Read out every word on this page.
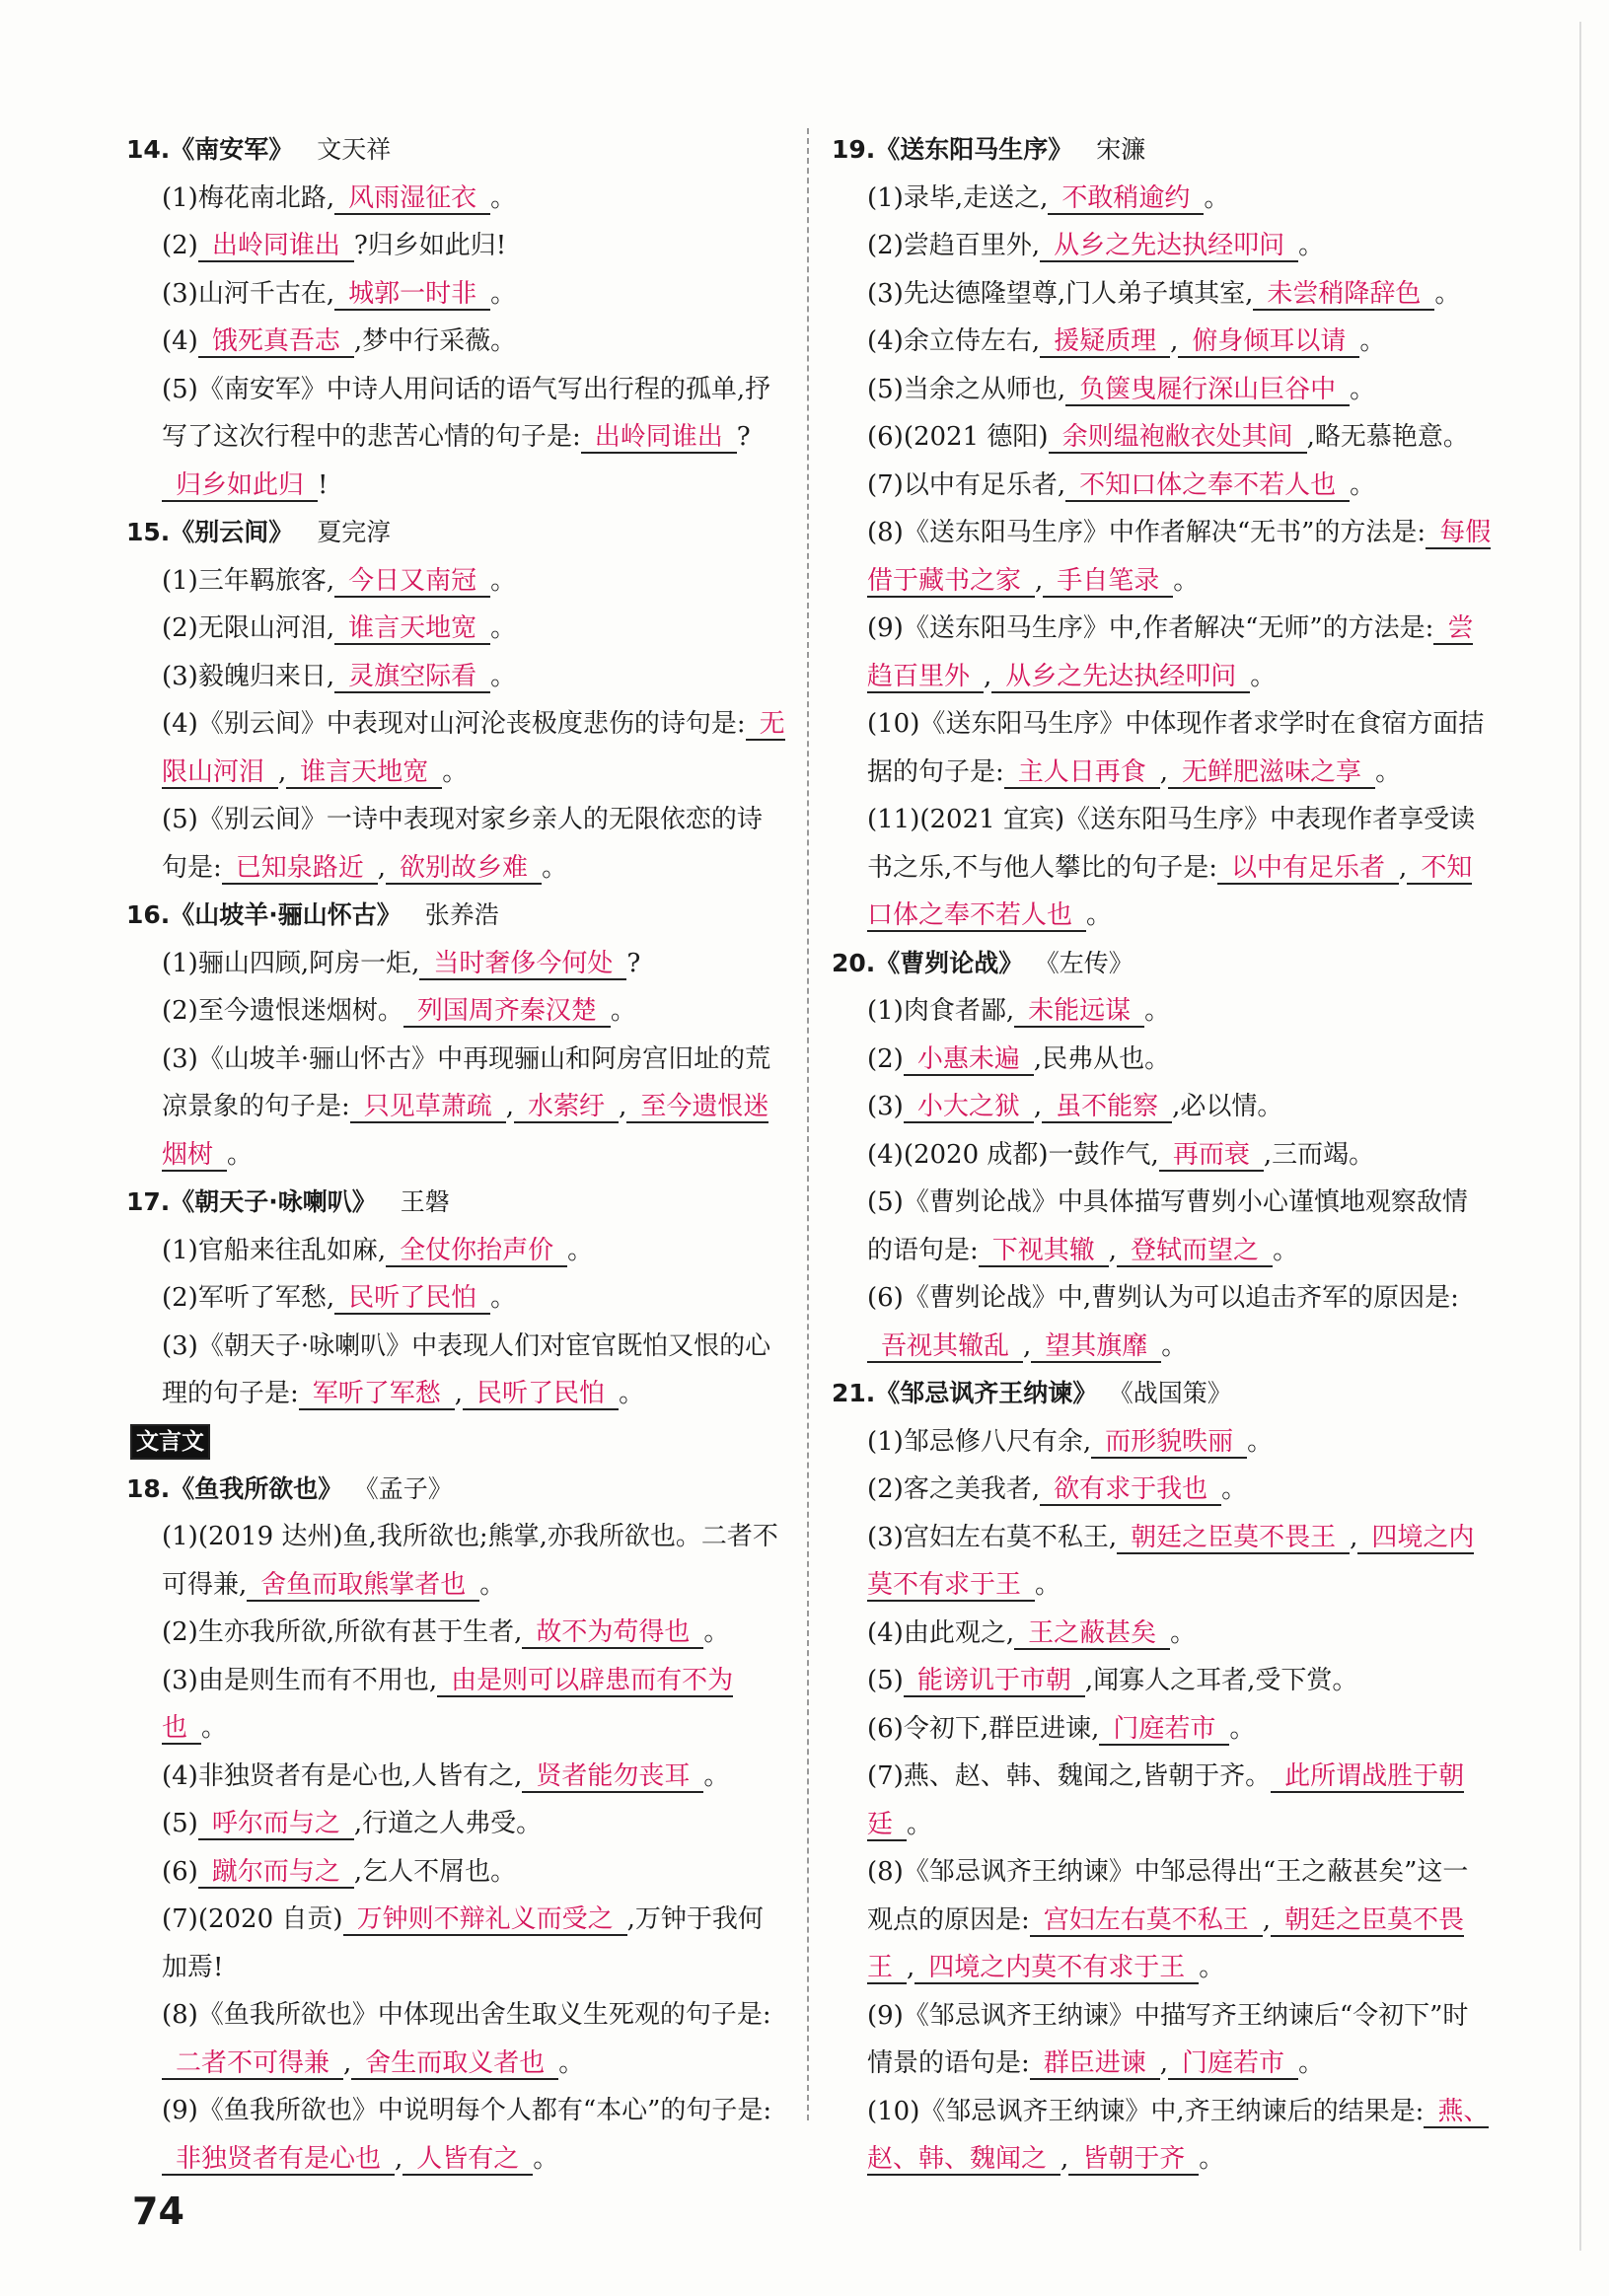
14.《南安军》 文天祥
(1)梅花南北路, 风雨湿征衣 。
(2) 出岭同谁出 ?归乡如此归!
(3)山河千古在, 城郭一时非 。
(4) 饿死真吾志 ,梦中行采薇。
(5)《南安军》中诗人用问话的语气写出行程的孤单,抒写了这次行程中的悲苦心情的句子是: 出岭同谁出 ?归乡如此归 !
15.《别云间》 夏完淳
(1)三年羁旅客, 今日又南冠 。
(2)无限山河泪, 谁言天地宽 。
(3)毅魄归来日, 灵旗空际看 。
(4)《别云间》中表现对山河沦丧极度悲伤的诗句是: 无限山河泪 , 谁言天地宽 。
(5)《别云间》一诗中表现对家乡亲人的无限依恋的诗句是: 已知泉路近 , 欲别故乡难 。
16.《山坡羊·骊山怀古》 张养浩
(1)骊山四顾,阿房一炬, 当时奢侈今何处 ?
(2)至今遗恨迷烟树。 列国周齐秦汉楚 。
(3)《山坡羊·骊山怀古》中再现骊山和阿房宫旧址的荒凉景象的句子是: 只见草萧疏 , 水萦纡 , 至今遗恨迷烟树 。
17.《朝天子·咏喇叭》 王磐
(1)官船来往乱如麻, 全仗你抬声价 。
(2)军听了军愁, 民听了民怕 。
(3)《朝天子·咏喇叭》中表现人们对宦官既怕又恨的心理的句子是: 军听了军愁 , 民听了民怕 。
文言文
18.《鱼我所欲也》 《孟子》
(1)(2019 达州)鱼,我所欲也;熊掌,亦我所欲也。二者不可得兼, 舍鱼而取熊掌者也 。
(2)生亦我所欲,所欲有甚于生者, 故不为苟得也 。
(3)由是则生而有不用也, 由是则可以辟患而有不为也 。
(4)非独贤者有是心也,人皆有之, 贤者能勿丧耳 。
(5) 呼尔而与之 ,行道之人弗受。
(6) 蹴尔而与之 ,乞人不屑也。
(7)(2020 自贡) 万钟则不辩礼义而受之 ,万钟于我何加焉!
(8)《鱼我所欲也》中体现出舍生取义生死观的句子是:二者不可得兼 , 舍生而取义者也 。
(9)《鱼我所欲也》中说明每个人都有“本心”的句子是:非独贤者有是心也 , 人皆有之 。
19.《送东阳马生序》 宋濂
(1)录毕,走送之, 不敢稍逾约 。
(2)尝趋百里外, 从乡之先达执经叩问 。
(3)先达德隆望尊,门人弟子填其室, 未尝稍降辞色 。
(4)余立侍左右, 援疑质理 , 俯身倾耳以请 。
(5)当余之从师也, 负箧曳屣行深山巨谷中 。
(6)(2021 德阳) 余则缊袍敝衣处其间 ,略无慕艳意。
(7)以中有足乐者, 不知口体之奉不若人也 。
(8)《送东阳马生序》中作者解决“无书”的方法是: 每假借于藏书之家 , 手自笔录 。
(9)《送东阳马生序》中,作者解决“无师”的方法是: 尝趋百里外 , 从乡之先达执经叩问 。
(10)《送东阳马生序》中体现作者求学时在食宿方面拮据的句子是: 主人日再食 , 无鲜肥滋味之享 。
(11)(2021 宜宾)《送东阳马生序》中表现作者享受读书之乐,不与他人攀比的句子是: 以中有足乐者 , 不知口体之奉不若人也 。
20.《曹刿论战》 《左传》
(1)肉食者鄙, 未能远谋 。
(2) 小惠未遍 ,民弗从也。
(3) 小大之狱 , 虽不能察 ,必以情。
(4)(2020 成都)一鼓作气, 再而衰 ,三而竭。
(5)《曹刿论战》中具体描写曹刿小心谨慎地观察敌情的语句是: 下视其辙 , 登轼而望之 。
(6)《曹刿论战》中,曹刿认为可以追击齐军的原因是:吾视其辙乱 , 望其旗靡 。
21.《邹忌讽齐王纳谏》 《战国策》
(1)邹忌修八尺有余, 而形貌昳丽 。
(2)客之美我者, 欲有求于我也 。
(3)宫妇左右莫不私王, 朝廷之臣莫不畏王 , 四境之内莫不有求于王 。
(4)由此观之, 王之蔽甚矣 。
(5) 能谤讥于市朝 ,闻寡人之耳者,受下赏。
(6)令初下,群臣进谏, 门庭若市 。
(7)燕、赵、韩、魏闻之,皆朝于齐。 此所谓战胜于朝廷 。
(8)《邹忌讽齐王纳谏》中邹忌得出“王之蔽甚矣”这一观点的原因是: 宫妇左右莫不私王 , 朝廷之臣莫不畏王 , 四境之内莫不有求于王 。
(9)《邹忌讽齐王纳谏》中描写齐王纳谏后“令初下”时情景的语句是: 群臣进谏 , 门庭若市 。
(10)《邹忌讽齐王纳谏》中,齐王纳谏后的结果是: 燕、赵、韩、魏闻之 , 皆朝于齐 。
74
